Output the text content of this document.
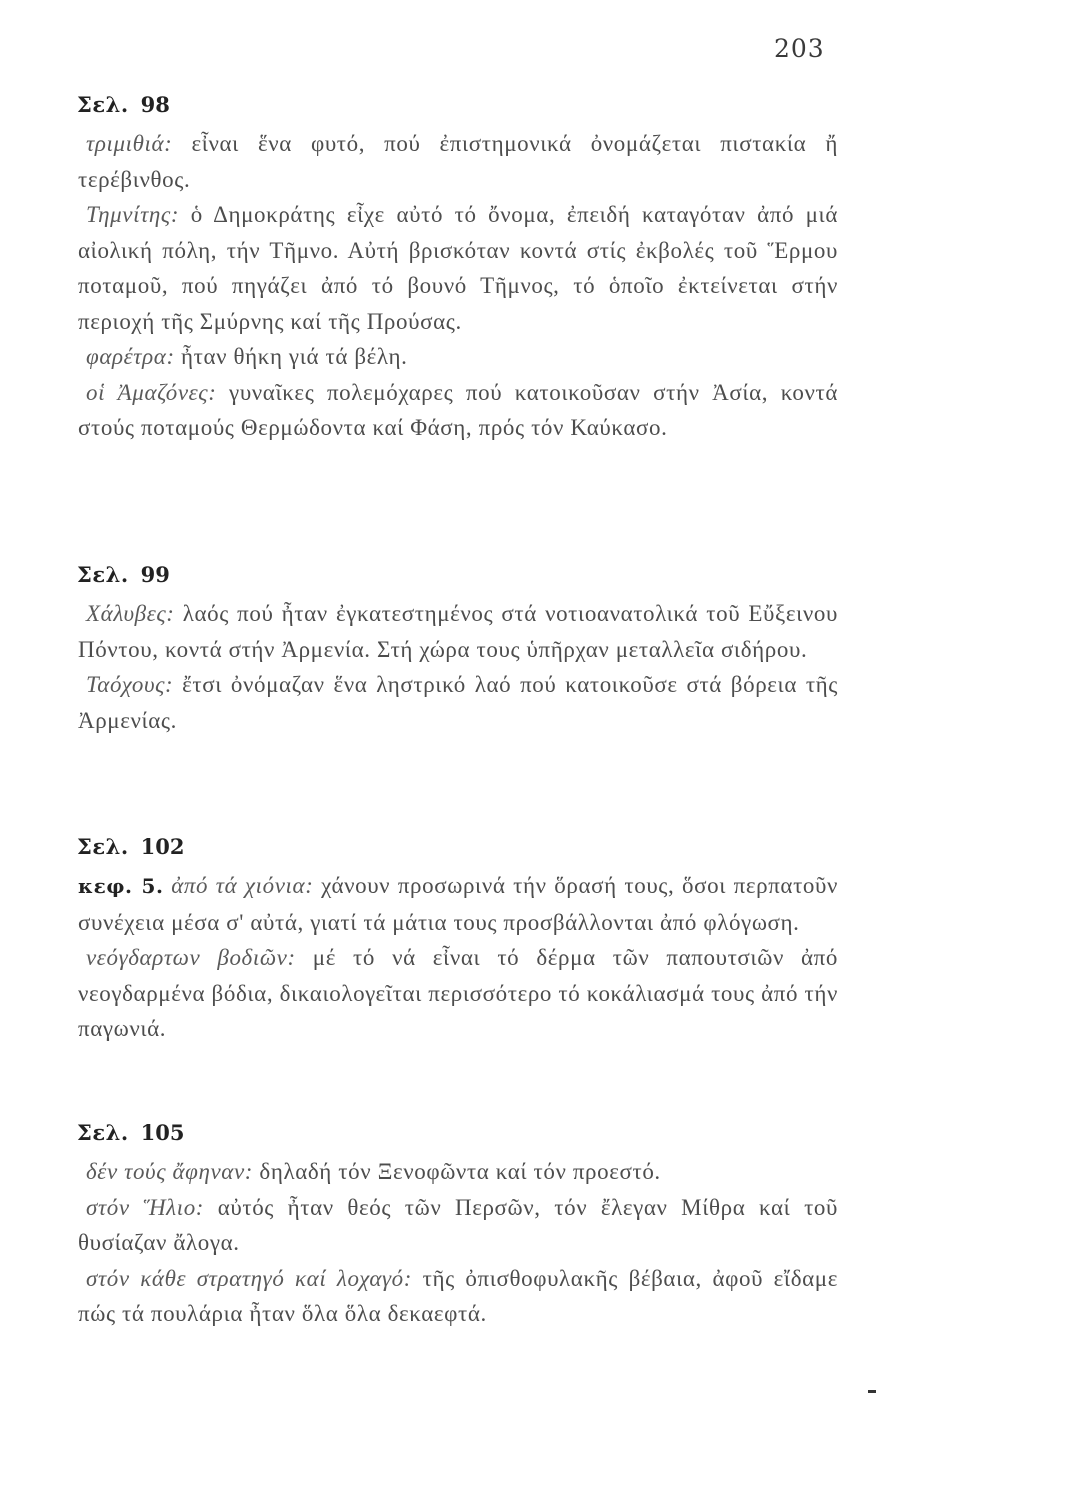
203
Σελ. 98

τριμιθιά: εἶναι ἕνα φυτό, πού ἐπιστημονικά ὀνομάζεται πιστακία ἤ τερέβινθος.

Τημνίτης: ὁ Δημοκράτης εἶχε αὐτό τό ὄνομα, ἐπειδή καταγόταν ἀπό μιά αἰολική πόλη, τήν Τῆμνο. Αὐτή βρισκόταν κοντά στίς ἐκβολές τοῦ Ἕρμου ποταμοῦ, πού πηγάζει ἀπό τό βουνό Τῆμνος, τό ὁποῖο ἐκτείνεται στήν περιοχή τῆς Σμύρνης καί τῆς Προύσας.

φαρέτρα: ἦταν θήκη γιά τά βέλη.

οἱ Ἀμαζόνες: γυναῖκες πολεμόχαρες πού κατοικοῦσαν στήν Ἀσία, κοντά στούς ποταμούς Θερμώδοντα καί Φάση, πρός τόν Καύκασο.

Σελ. 99

Χάλυβες: λαός πού ἦταν ἐγκατεστημένος στά νοτιοανατολικά τοῦ Εὔξεινου Πόντου, κοντά στήν Ἀρμενία. Στή χώρα τους ὑπῆρχαν μεταλλεῖα σιδήρου.

Ταόχους: ἔτσι ὀνόμαζαν ἕνα ληστρικό λαό πού κατοικοῦσε στά βόρεια τῆς Ἀρμενίας.

Σελ. 102

κεφ. 5. ἀπό τά χιόνια: χάνουν προσωρινά τήν ὅρασή τους, ὅσοι περπατοῦν συνέχεια μέσα σ' αὐτά, γιατί τά μάτια τους προσβάλλονται ἀπό φλόγωση.

νεόγδαρτων βοδιῶν: μέ τό νά εἶναι τό δέρμα τῶν παπουτσιῶν ἀπό νεογδαρμένα βόδια, δικαιολογεῖται περισσότερο τό κοκάλιασμά τους ἀπό τήν παγωνιά.

Σελ. 105

δέν τούς ἄφηναν: δηλαδή τόν Ξενοφῶντα καί τόν προεστό.

στόν Ἥλιο: αὐτός ἦταν θεός τῶν Περσῶν, τόν ἔλεγαν Μίθρα καί τοῦ θυσίαζαν ἄλογα.

στόν κάθε στρατηγό καί λοχαγό: τῆς ὀπισθοφυλακῆς βέβαια, ἀφοῦ εἴδαμε πώς τά πουλάρια ἦταν ὅλα ὅλα δεκαεφτά.
